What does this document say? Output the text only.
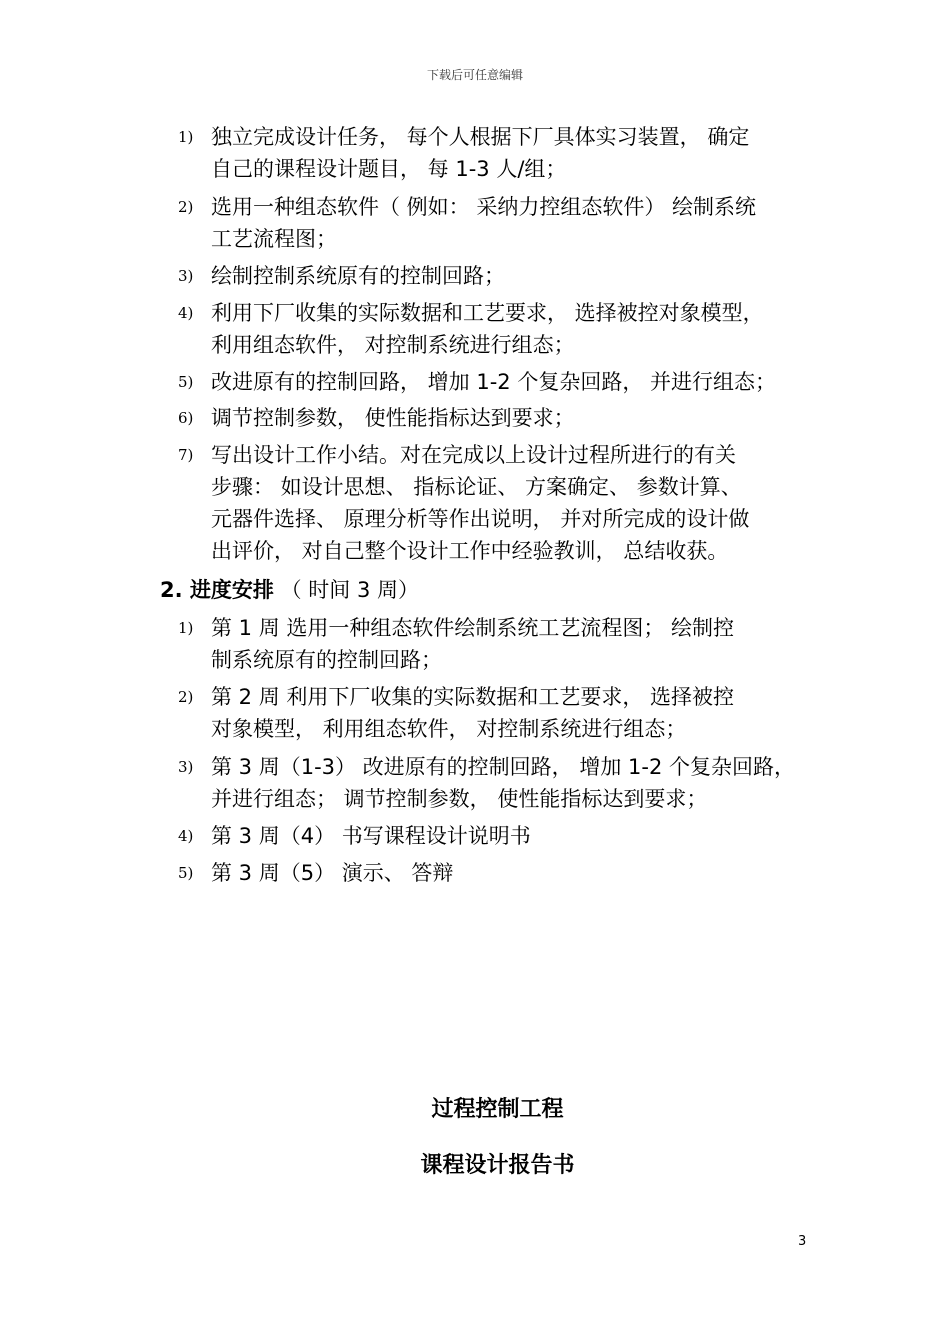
下载后可任意编辑
1) 独立完成设计任务， 每个人根据下厂具体实习装置， 确定
自己的课程设计题目， 每 1-3 人/组；
2) 选用一种组态软件（ 例如： 采纳力控组态软件） 绘制系统
工艺流程图；
3) 绘制控制系统原有的控制回路；
4) 利用下厂收集的实际数据和工艺要求， 选择被控对象模型，
利用组态软件， 对控制系统进行组态；
5) 改进原有的控制回路， 增加 1-2 个复杂回路， 并进行组态；
6) 调节控制参数， 使性能指标达到要求；
7) 写出设计工作小结。对在完成以上设计过程所进行的有关
步骤： 如设计思想、 指标论证、 方案确定、 参数计算、
元器件选择、 原理分析等作出说明， 并对所完成的设计做
出评价， 对自己整个设计工作中经验教训， 总结收获。
2. 进度安排 （ 时间 3 周）
1) 第 1 周 选用一种组态软件绘制系统工艺流程图； 绘制控
制系统原有的控制回路；
2) 第 2 周 利用下厂收集的实际数据和工艺要求， 选择被控
对象模型， 利用组态软件， 对控制系统进行组态；
3) 第 3 周（1-3） 改进原有的控制回路， 增加 1-2 个复杂回路，
并进行组态； 调节控制参数， 使性能指标达到要求；
4) 第 3 周（4） 书写课程设计说明书
5) 第 3 周（5） 演示、 答辩
过程控制工程
课程设计报告书
3
